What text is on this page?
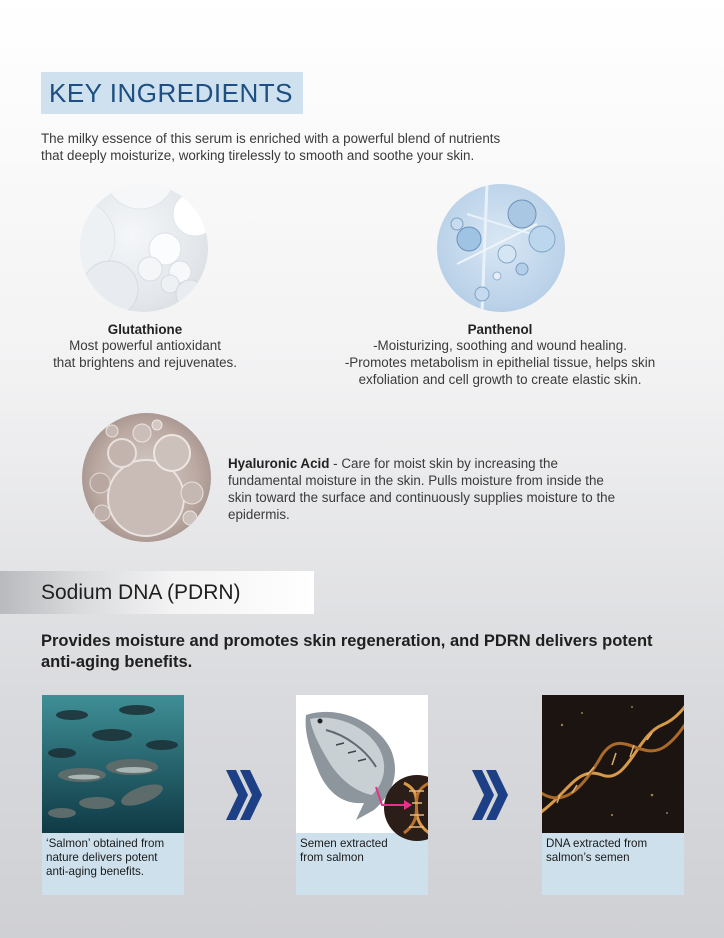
KEY INGREDIENTS
The milky essence of this serum is enriched with a powerful blend of nutrients
that deeply moisturize, working tirelessly to smooth and soothe your skin.
Glutathione
Most powerful antioxidant
that brightens and rejuvenates.
Panthenol
-Moisturizing, soothing and wound healing.
-Promotes metabolism in epithelial tissue, helps skin
exfoliation and cell growth to create elastic skin.
Hyaluronic Acid - Care for moist skin by increasing the
fundamental moisture in the skin. Pulls moisture from inside the
skin toward the surface and continuously supplies moisture to the
epidermis.
Sodium DNA (PDRN)
Provides moisture and promotes skin regeneration, and PDRN delivers potent
anti-aging benefits.
‘Salmon’ obtained from
nature delivers potent
anti-aging benefits.
Semen extracted
from salmon
DNA extracted from
salmon’s semen
